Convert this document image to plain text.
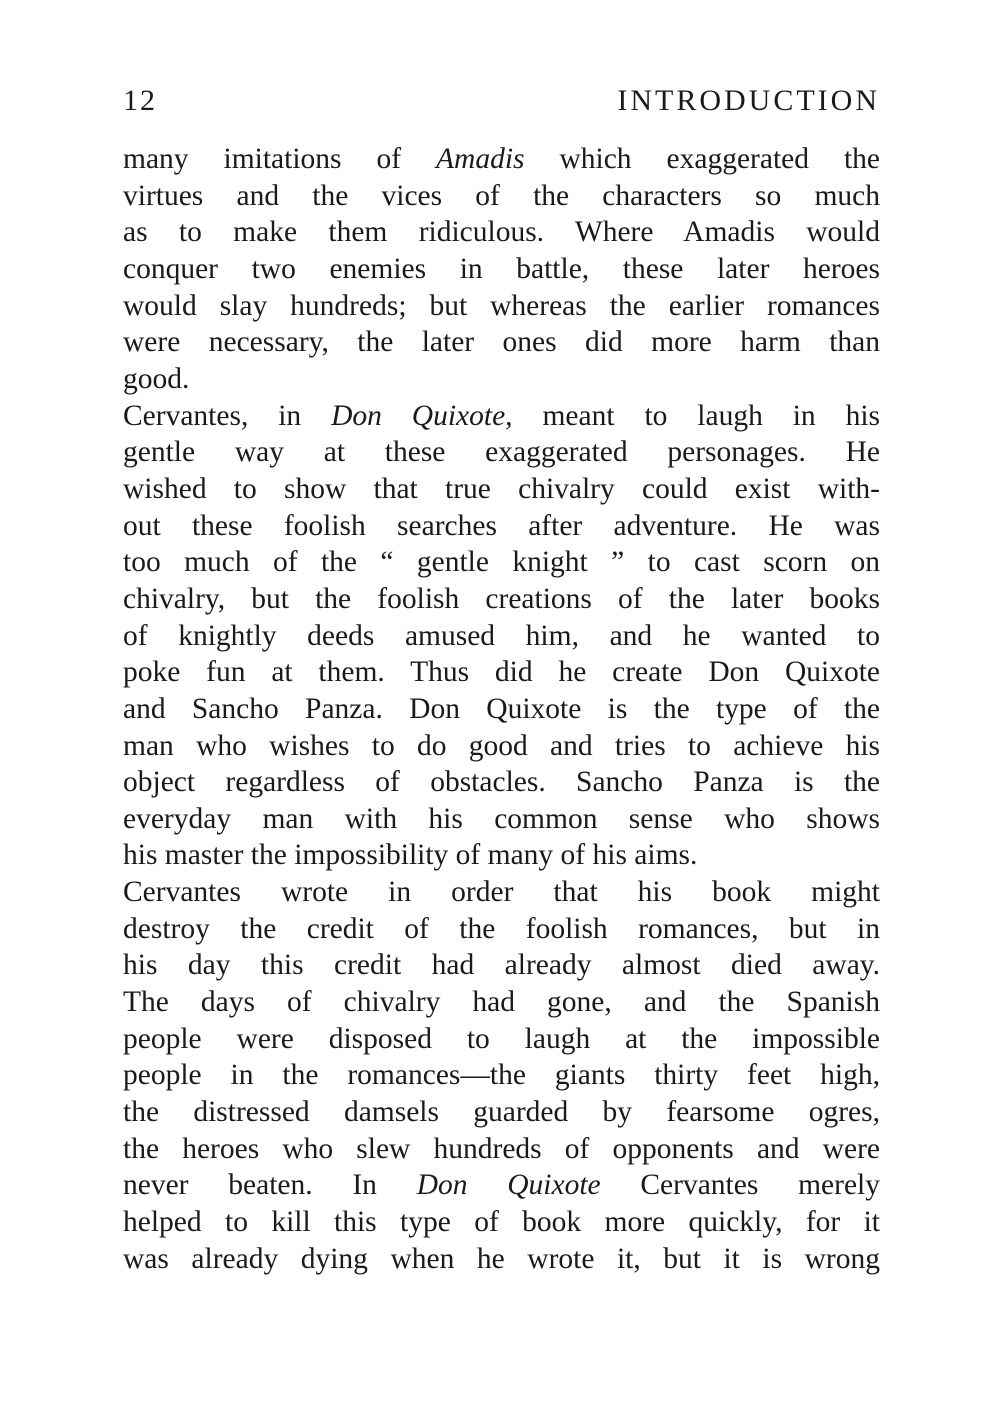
12	INTRODUCTION
many imitations of Amadis which exaggerated the
virtues and the vices of the characters so much
as to make them ridiculous. Where Amadis would
conquer two enemies in battle, these later heroes
would slay hundreds; but whereas the earlier romances
were necessary, the later ones did more harm than
good.
Cervantes, in Don Quixote, meant to laugh in his
gentle way at these exaggerated personages. He
wished to show that true chivalry could exist with-
out these foolish searches after adventure. He was
too much of the “ gentle knight ” to cast scorn on
chivalry, but the foolish creations of the later books
of knightly deeds amused him, and he wanted to
poke fun at them. Thus did he create Don Quixote
and Sancho Panza. Don Quixote is the type of the
man who wishes to do good and tries to achieve his
object regardless of obstacles. Sancho Panza is the
everyday man with his common sense who shows
his master the impossibility of many of his aims.
Cervantes wrote in order that his book might
destroy the credit of the foolish romances, but in
his day this credit had already almost died away.
The days of chivalry had gone, and the Spanish
people were disposed to laugh at the impossible
people in the romances—the giants thirty feet high,
the distressed damsels guarded by fearsome ogres,
the heroes who slew hundreds of opponents and were
never beaten. In Don Quixote Cervantes merely
helped to kill this type of book more quickly, for it
was already dying when he wrote it, but it is wrong
